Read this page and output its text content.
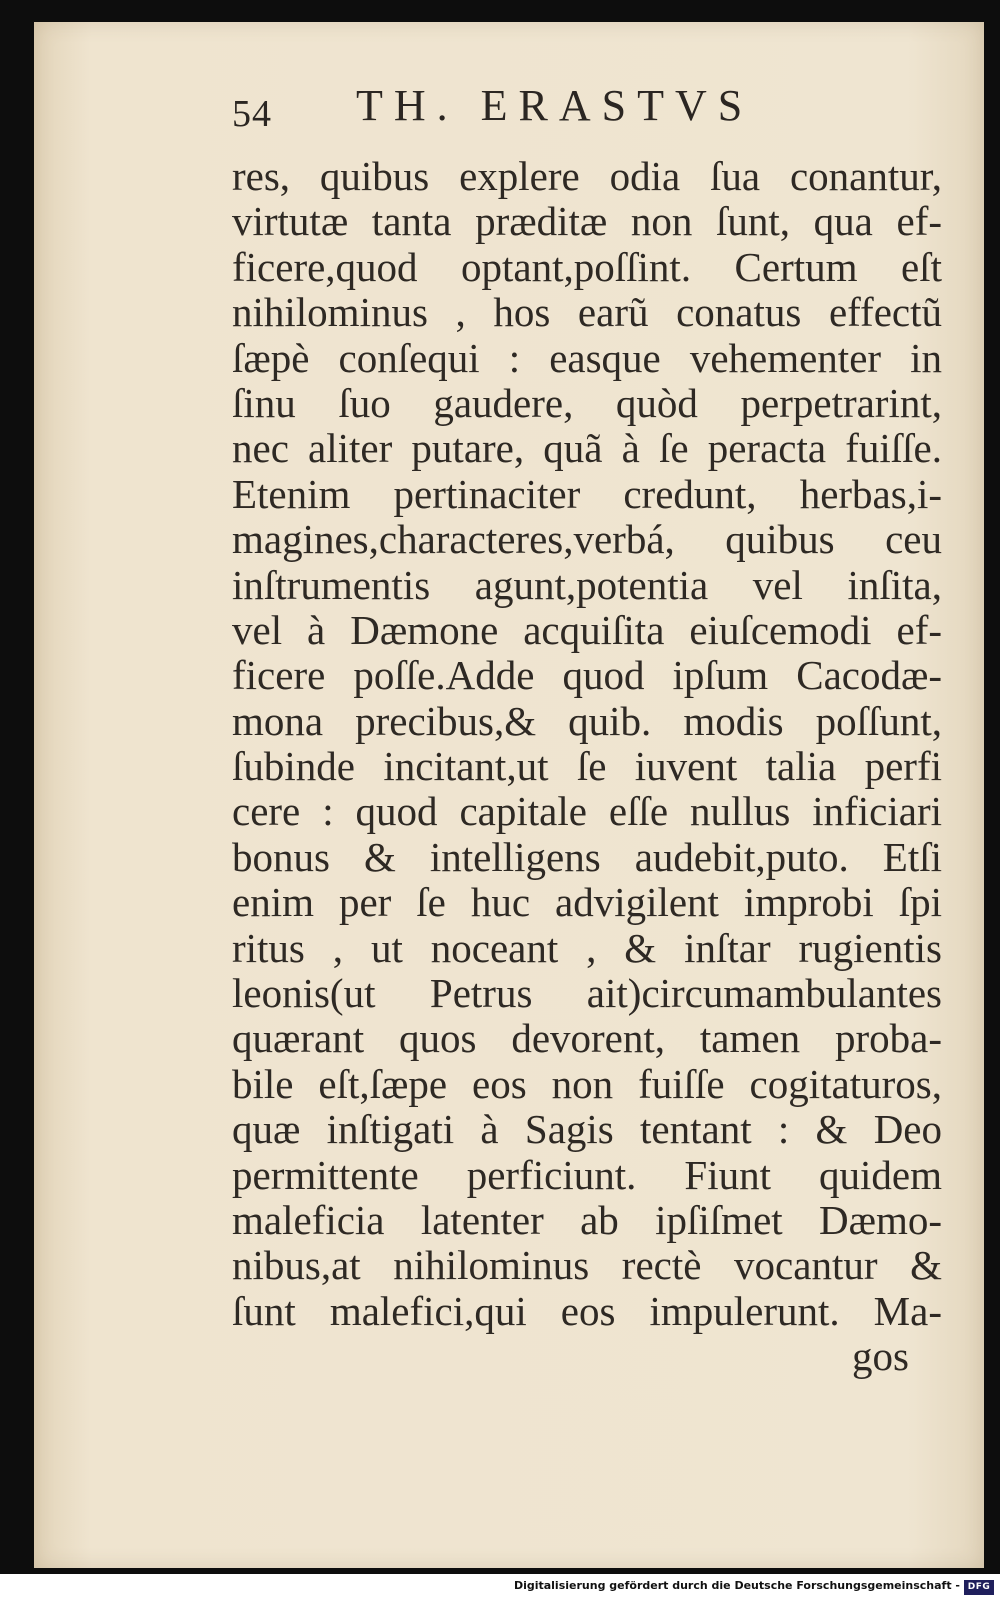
54 TH. ERASTVS
res, quibus explere odia ſua conantur,
virtutæ tanta præditæ non ſunt, qua ef-
ficere,quod optant,poſſint. Certum eſt
nihilominus , hos earũ conatus effectũ
ſæpè conſequi : easque vehementer in
ſinu ſuo gaudere, quòd perpetrarint,
nec aliter putare, quã à ſe peracta fuiſſe.
Etenim pertinaciter credunt, herbas,i-
magines,characteres,verbá, quibus ceu
inſtrumentis agunt,potentia vel inſita,
vel à Dæmone acquiſita eiuſcemodi ef-
ficere poſſe.Adde quod ipſum Cacodæ-
mona precibus,& quib. modis poſſunt,
ſubinde incitant,ut ſe iuvent talia perfi
cere : quod capitale eſſe nullus inficiari
bonus & intelligens audebit,puto. Etſi
enim per ſe huc advigilent improbi ſpi
ritus , ut noceant , & inſtar rugientis
leonis(ut Petrus ait)circumambulantes
quærant quos devorent, tamen proba-
bile eſt,ſæpe eos non fuiſſe cogitaturos,
quæ inſtigati à Sagis tentant : & Deo
permittente perficiunt. Fiunt quidem
maleficia latenter ab ipſiſmet Dæmo-
nibus,at nihilominus rectè vocantur &
ſunt malefici,qui eos impulerunt. Ma-
gos
Digitalisierung gefördert durch die Deutsche Forschungsgemeinschaft - DFG
